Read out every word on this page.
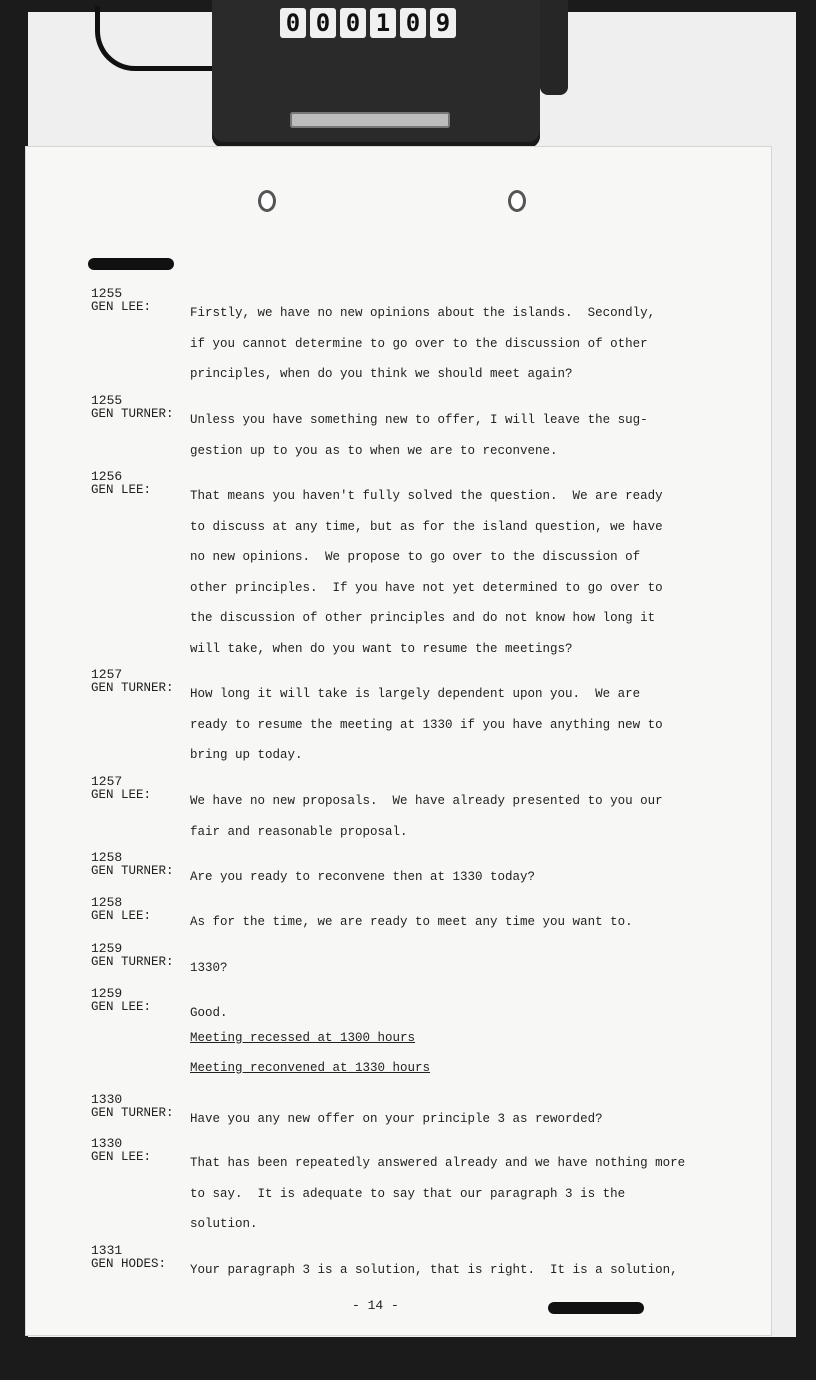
0 0 0 1 0 9
1255
GEN LEE:	Firstly, we have no new opinions about the islands.  Secondly,
if you cannot determine to go over to the discussion of other
principles, when do you think we should meet again?
1255
GEN TURNER: Unless you have something new to offer, I will leave the sug-
gestion up to you as to when we are to reconvene.
1256
GEN LEE:	That means you haven't fully solved the question.  We are ready
to discuss at any time, but as for the island question, we have
no new opinions.  We propose to go over to the discussion of
other principles.  If you have not yet determined to go over to
the discussion of other principles and do not know how long it
will take, when do you want to resume the meetings?
1257
GEN TURNER: How long it will take is largely dependent upon you.  We are
ready to resume the meeting at 1330 if you have anything new to
bring up today.
1257
GEN LEE:	We have no new proposals.  We have already presented to you our
fair and reasonable proposal.
1258
GEN TURNER: Are you ready to reconvene then at 1330 today?
1258
GEN LEE:	As for the time, we are ready to meet any time you want to.
1259
GEN TURNER: 1330?
1259
GEN LEE:	Good.
Meeting recessed at 1300 hours
Meeting reconvened at 1330 hours
1330
GEN TURNER: Have you any new offer on your principle 3 as reworded?
1330
GEN LEE:	That has been repeatedly answered already and we have nothing more
to say.  It is adequate to say that our paragraph 3 is the
solution.
1331
GEN HODES: Your paragraph 3 is a solution, that is right.  It is a solution,
- 14 -
